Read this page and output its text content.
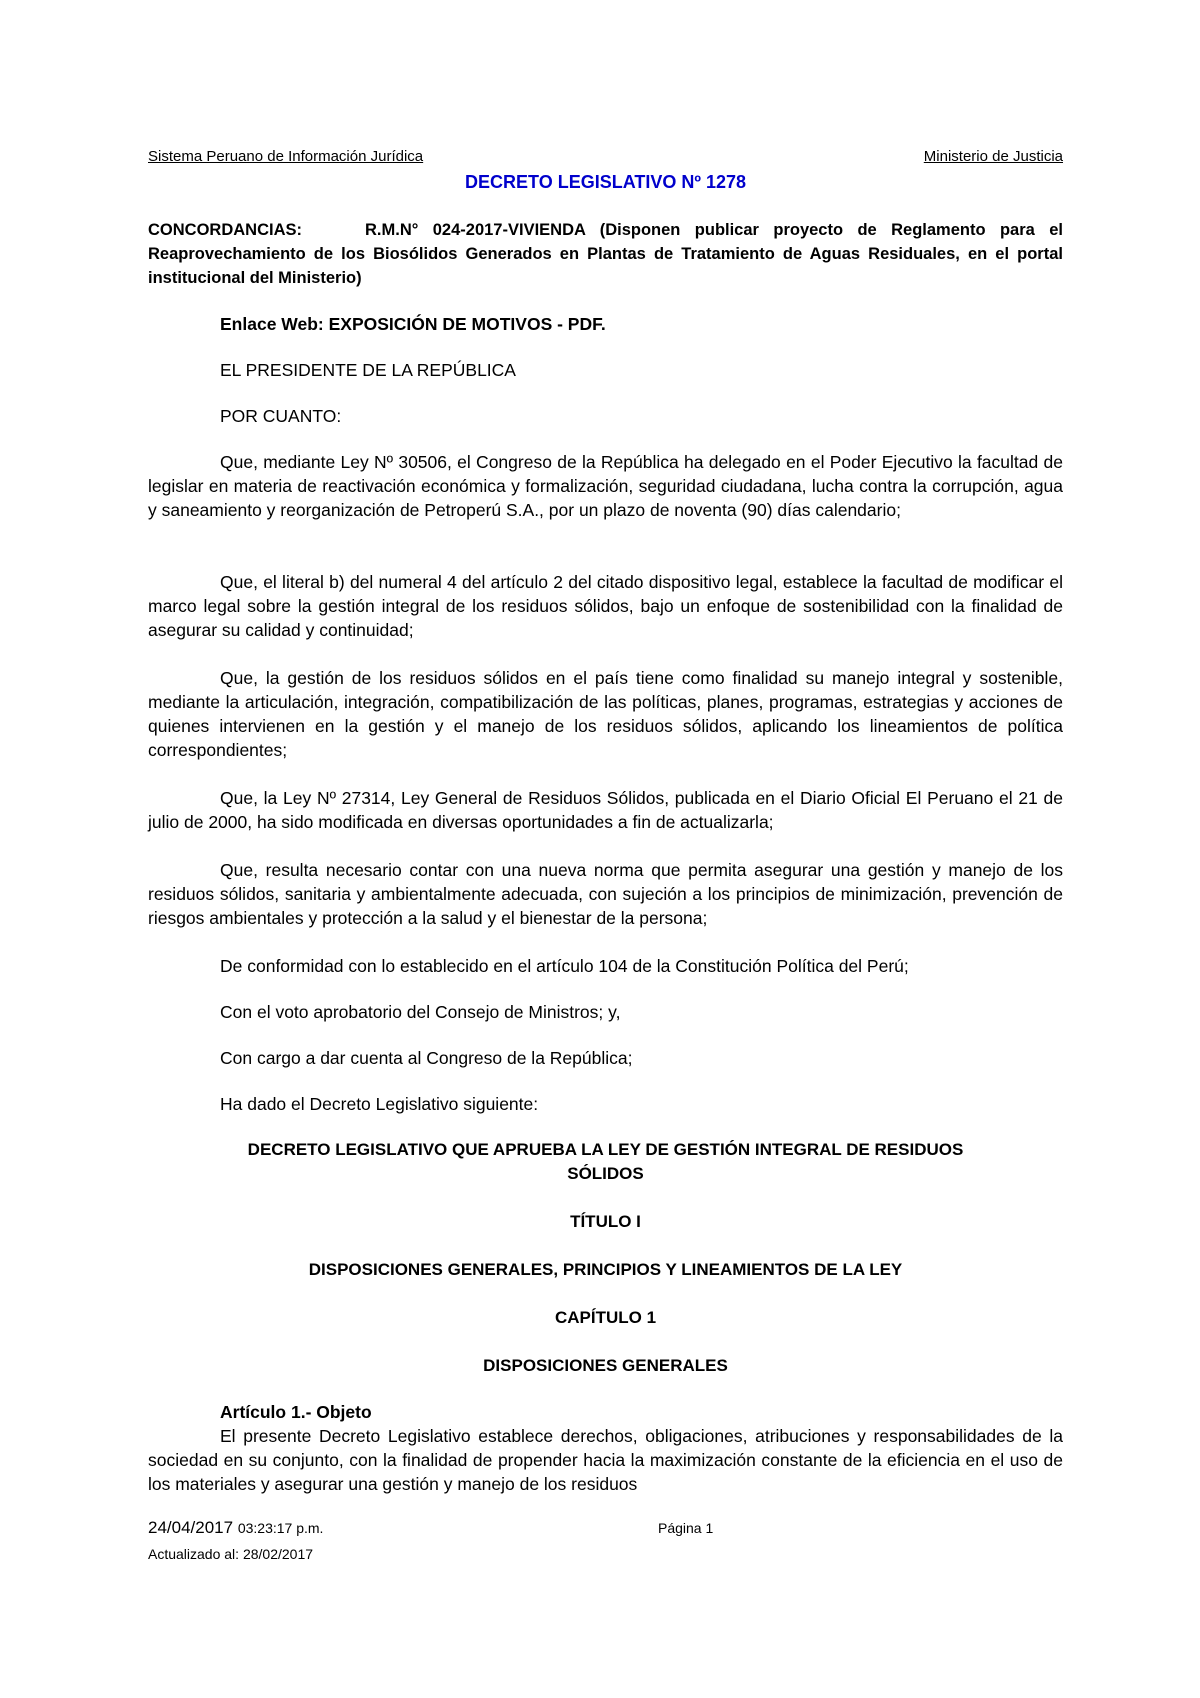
Sistema Peruano de Información Jurídica	Ministerio de Justicia
DECRETO LEGISLATIVO Nº 1278
CONCORDANCIAS:	R.M.N° 024-2017-VIVIENDA (Disponen publicar proyecto de Reglamento para el Reaprovechamiento de los Biosólidos Generados en Plantas de Tratamiento de Aguas Residuales, en el portal institucional del Ministerio)
Enlace Web: EXPOSICIÓN DE MOTIVOS - PDF.
EL PRESIDENTE DE LA REPÚBLICA
POR CUANTO:
Que, mediante Ley Nº 30506, el Congreso de la República ha delegado en el Poder Ejecutivo la facultad de legislar en materia de reactivación económica y formalización, seguridad ciudadana, lucha contra la corrupción, agua y saneamiento y reorganización de Petroperú S.A., por un plazo de noventa (90) días calendario;
Que, el literal b) del numeral 4 del artículo 2 del citado dispositivo legal, establece la facultad de modificar el marco legal sobre la gestión integral de los residuos sólidos, bajo un enfoque de sostenibilidad con la finalidad de asegurar su calidad y continuidad;
Que, la gestión de los residuos sólidos en el país tiene como finalidad su manejo integral y sostenible, mediante la articulación, integración, compatibilización de las políticas, planes, programas, estrategias y acciones de quienes intervienen en la gestión y el manejo de los residuos sólidos, aplicando los lineamientos de política correspondientes;
Que, la Ley Nº 27314, Ley General de Residuos Sólidos, publicada en el Diario Oficial El Peruano el 21 de julio de 2000, ha sido modificada en diversas oportunidades a fin de actualizarla;
Que, resulta necesario contar con una nueva norma que permita asegurar una gestión y manejo de los residuos sólidos, sanitaria y ambientalmente adecuada, con sujeción a los principios de minimización, prevención de riesgos ambientales y protección a la salud y el bienestar de la persona;
De conformidad con lo establecido en el artículo 104 de la Constitución Política del Perú;
Con el voto aprobatorio del Consejo de Ministros; y,
Con cargo a dar cuenta al Congreso de la República;
Ha dado el Decreto Legislativo siguiente:
DECRETO LEGISLATIVO QUE APRUEBA LA LEY DE GESTIÓN INTEGRAL DE RESIDUOS
SÓLIDOS
TÍTULO I
DISPOSICIONES GENERALES, PRINCIPIOS Y LINEAMIENTOS DE LA LEY
CAPÍTULO 1
DISPOSICIONES GENERALES
Artículo 1.- Objeto
El presente Decreto Legislativo establece derechos, obligaciones, atribuciones y responsabilidades de la sociedad en su conjunto, con la finalidad de propender hacia la maximización constante de la eficiencia en el uso de los materiales y asegurar una gestión y manejo de los residuos
24/04/2017 03:23:17 p.m.	Página 1
Actualizado al: 28/02/2017
